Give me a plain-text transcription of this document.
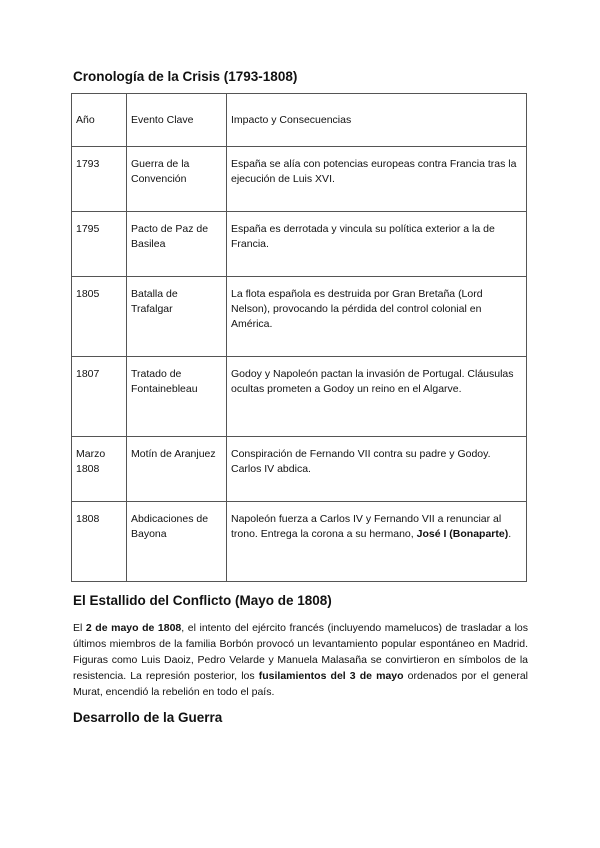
Cronología de la Crisis (1793-1808)
Año	Evento Clave	Impacto y Consecuencias
1793	Guerra de la Convención	España se alía con potencias europeas contra Francia tras la ejecución de Luis XVI.
1795	Pacto de Paz de Basilea	España es derrotada y vincula su política exterior a la de Francia.
1805	Batalla de Trafalgar	La flota española es destruida por Gran Bretaña (Lord Nelson), provocando la pérdida del control colonial en América.
1807	Tratado de Fontainebleau	Godoy y Napoleón pactan la invasión de Portugal. Cláusulas ocultas prometen a Godoy un reino en el Algarve.
Marzo 1808	Motín de Aranjuez	Conspiración de Fernando VII contra su padre y Godoy. Carlos IV abdica.
1808	Abdicaciones de Bayona	Napoleón fuerza a Carlos IV y Fernando VII a renunciar al trono. Entrega la corona a su hermano, José I (Bonaparte).
El Estallido del Conflicto (Mayo de 1808)

El 2 de mayo de 1808, el intento del ejército francés (incluyendo mamelucos) de trasladar a los últimos miembros de la familia Borbón provocó un levantamiento popular espontáneo en Madrid. Figuras como Luis Daoiz, Pedro Velarde y Manuela Malasaña se convirtieron en símbolos de la resistencia. La represión posterior, los fusilamientos del 3 de mayo ordenados por el general Murat, encendió la rebelión en todo el país.

Desarrollo de la Guerra
